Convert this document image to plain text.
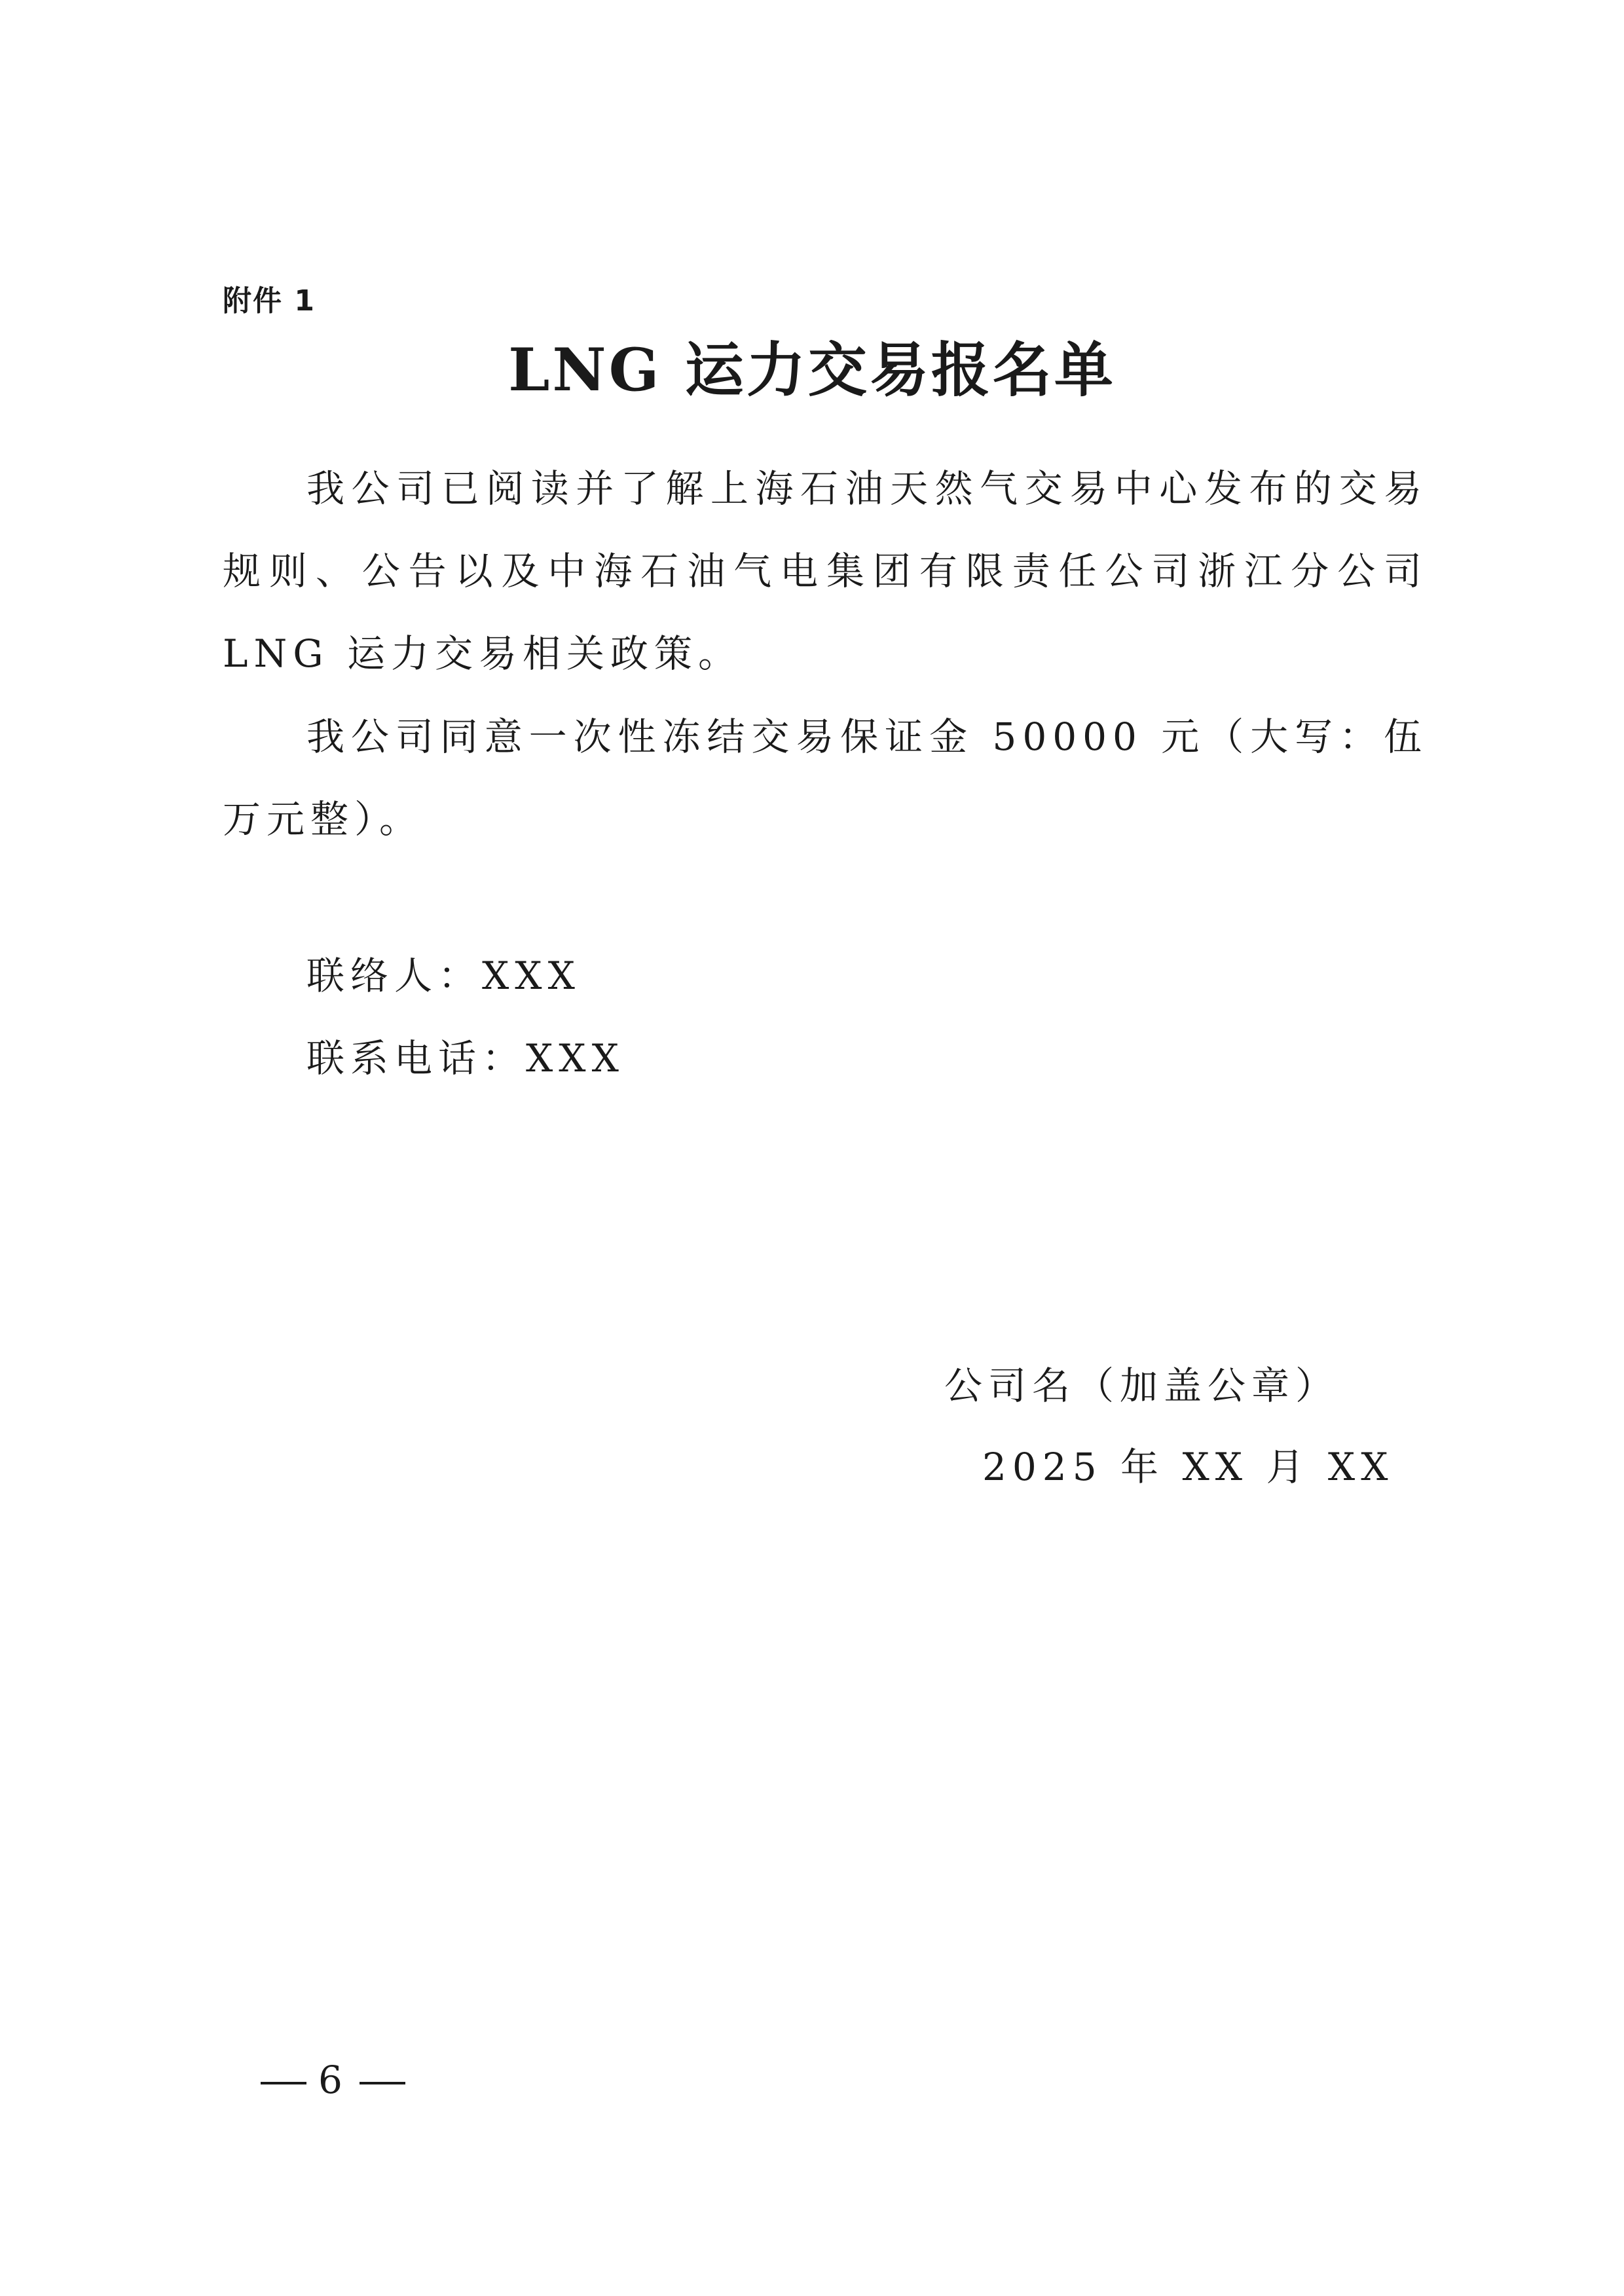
附件 1
LNG 运力交易报名单

我公司已阅读并了解上海石油天然气交易中心发布的交易规则、公告以及中海石油气电集团有限责任公司浙江分公司 LNG 运力交易相关政策。

我公司同意一次性冻结交易保证金 50000 元（大写：伍万元整）。

联络人：XXX
联系电话：XXX
公司名（加盖公章）
2025 年 XX 月 XX
6
